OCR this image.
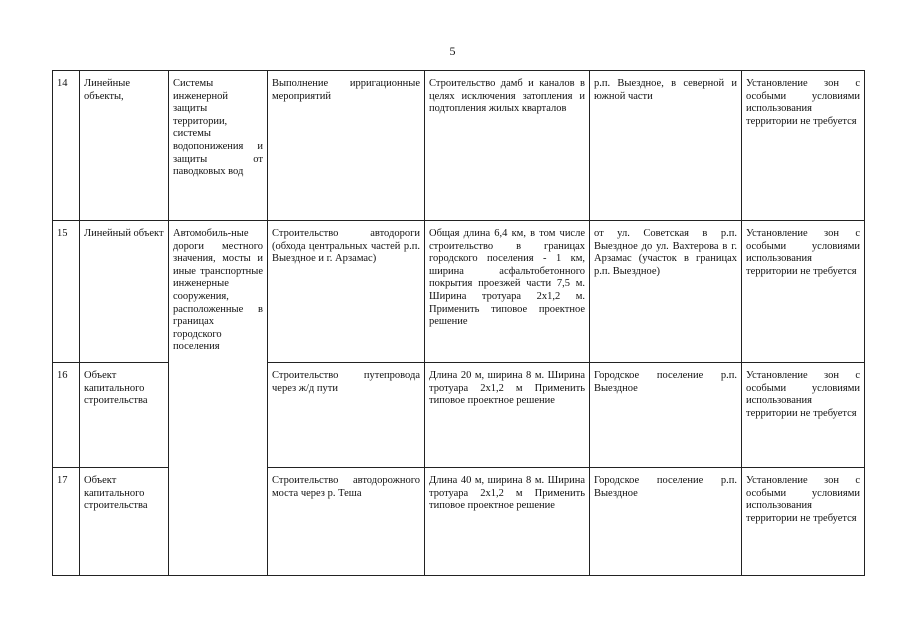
5
14	Линейные объекты,	Системы инженерной защиты территории, системы водопонижения и защиты от паводковых вод	Выполнение ирригационные мероприятий	Строительство дамб и каналов в целях исключения затопления и подтопления жилых кварталов	р.п. Выездное, в северной и южной части	Установление зон с особыми условиями использования территории не требуется
15	Линейный объект	Автомобиль-ные дороги местного значения, мосты и иные транспортные инженерные сооружения, расположенные в границах городского поселения	Строительство автодороги (обхода центральных частей р.п. Выездное и г. Арзамас)	Общая длина 6,4 км, в том числе строительство в границах городского поселения - 1 км, ширина асфальтобетонного покрытия проезжей части 7,5 м. Ширина тротуара 2х1,2 м. Применить типовое проектное решение	от ул. Советская в р.п. Выездное до ул. Вахтерова в г. Арзамас (участок в границах р.п. Выездное)	Установление зон с особыми условиями использования территории не требуется
16	Объект капитального строительства		Строительство путепровода через ж/д пути	Длина 20 м, ширина 8 м. Ширина тротуара 2х1,2 м Применить типовое проектное решение	Городское поселение р.п. Выездное	Установление зон с особыми условиями использования территории не требуется
17	Объект капитального строительства		Строительство автодорожного моста через р. Теша	Длина 40 м, ширина 8 м. Ширина тротуара 2х1,2 м Применить типовое проектное решение	Городское поселение р.п. Выездное	Установление зон с особыми условиями использования территории не требуется
